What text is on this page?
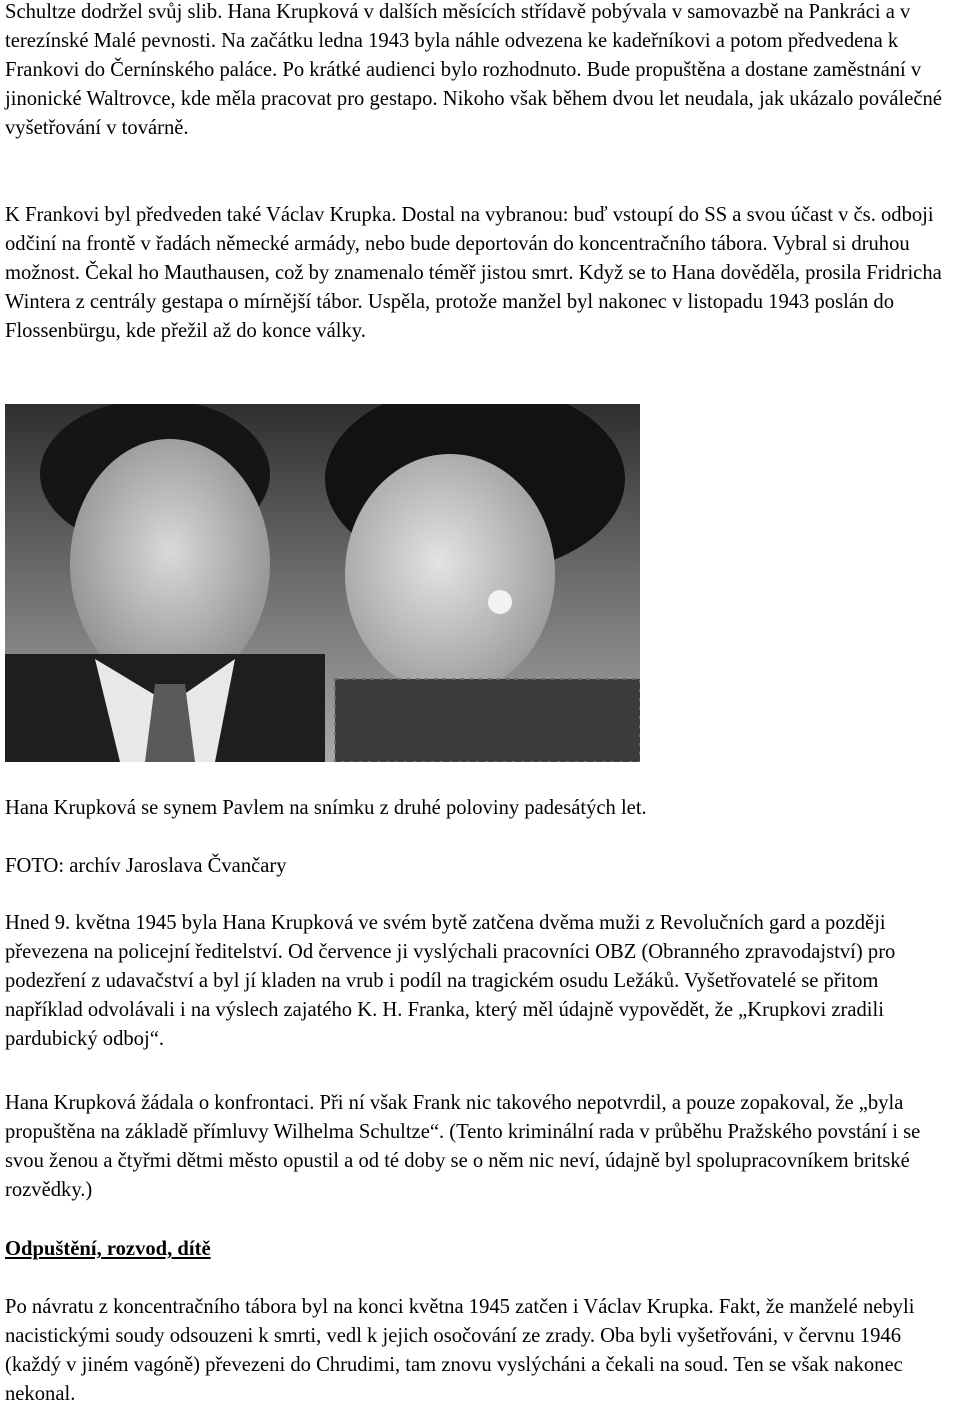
Schultze dodržel svůj slib. Hana Krupková v dalších měsících střídavě pobývala v samovazbě na Pankráci a v terezínské Malé pevnosti. Na začátku ledna 1943 byla náhle odvezena ke kadeřníkovi a potom předvedena k Frankovi do Černínského paláce. Po krátké audienci bylo rozhodnuto. Bude propuštěna a dostane zaměstnání v jinonické Waltrovce, kde měla pracovat pro gestapo. Nikoho však během dvou let neudala, jak ukázalo poválečné vyšetřování v továrně.

K Frankovi byl předveden také Václav Krupka. Dostal na vybranou: buď vstoupí do SS a svou účast v čs. odboji odčiní na frontě v řadách německé armády, nebo bude deportován do koncentračního tábora. Vybral si druhou možnost. Čekal ho Mauthausen, což by znamenalo téměř jistou smrt. Když se to Hana dověděla, prosila Fridricha Wintera z centrály gestapa o mírnější tábor. Uspěla, protože manžel byl nakonec v listopadu 1943 poslán do Flossenbürgu, kde přežil až do konce války.

Hana Krupková se synem Pavlem na snímku z druhé poloviny padesátých let.

FOTO: archív Jaroslava Čvančary

Hned 9. května 1945 byla Hana Krupková ve svém bytě zatčena dvěma muži z Revolučních gard a později převezena na policejní ředitelství. Od července ji vyslýchali pracovníci OBZ (Obranného zpravodajství) pro podezření z udavačství a byl jí kladen na vrub i podíl na tragickém osudu Ležáků. Vyšetřovatelé se přitom například odvolávali i na výslech zajatého K. H. Franka, který měl údajně vypovědět, že „Krupkovi zradili pardubický odboj“.

Hana Krupková žádala o konfrontaci. Při ní však Frank nic takového nepotvrdil, a pouze zopakoval, že „byla propuštěna na základě přímluvy Wilhelma Schultze“. (Tento kriminální rada v průběhu Pražského povstání i se svou ženou a čtyřmi dětmi město opustil a od té doby se o něm nic neví, údajně byl spolupracovníkem britské rozvědky.)

Odpuštění, rozvod, dítě

Po návratu z koncentračního tábora byl na konci května 1945 zatčen i Václav Krupka. Fakt, že manželé nebyli nacistickými soudy odsouzeni k smrti, vedl k jejich osočování ze zrady. Oba byli vyšetřováni, v červnu 1946 (každý v jiném vagóně) převezeni do Chrudimi, tam znovu vyslýcháni a čekali na soud. Ten se však nakonec nekonal.
